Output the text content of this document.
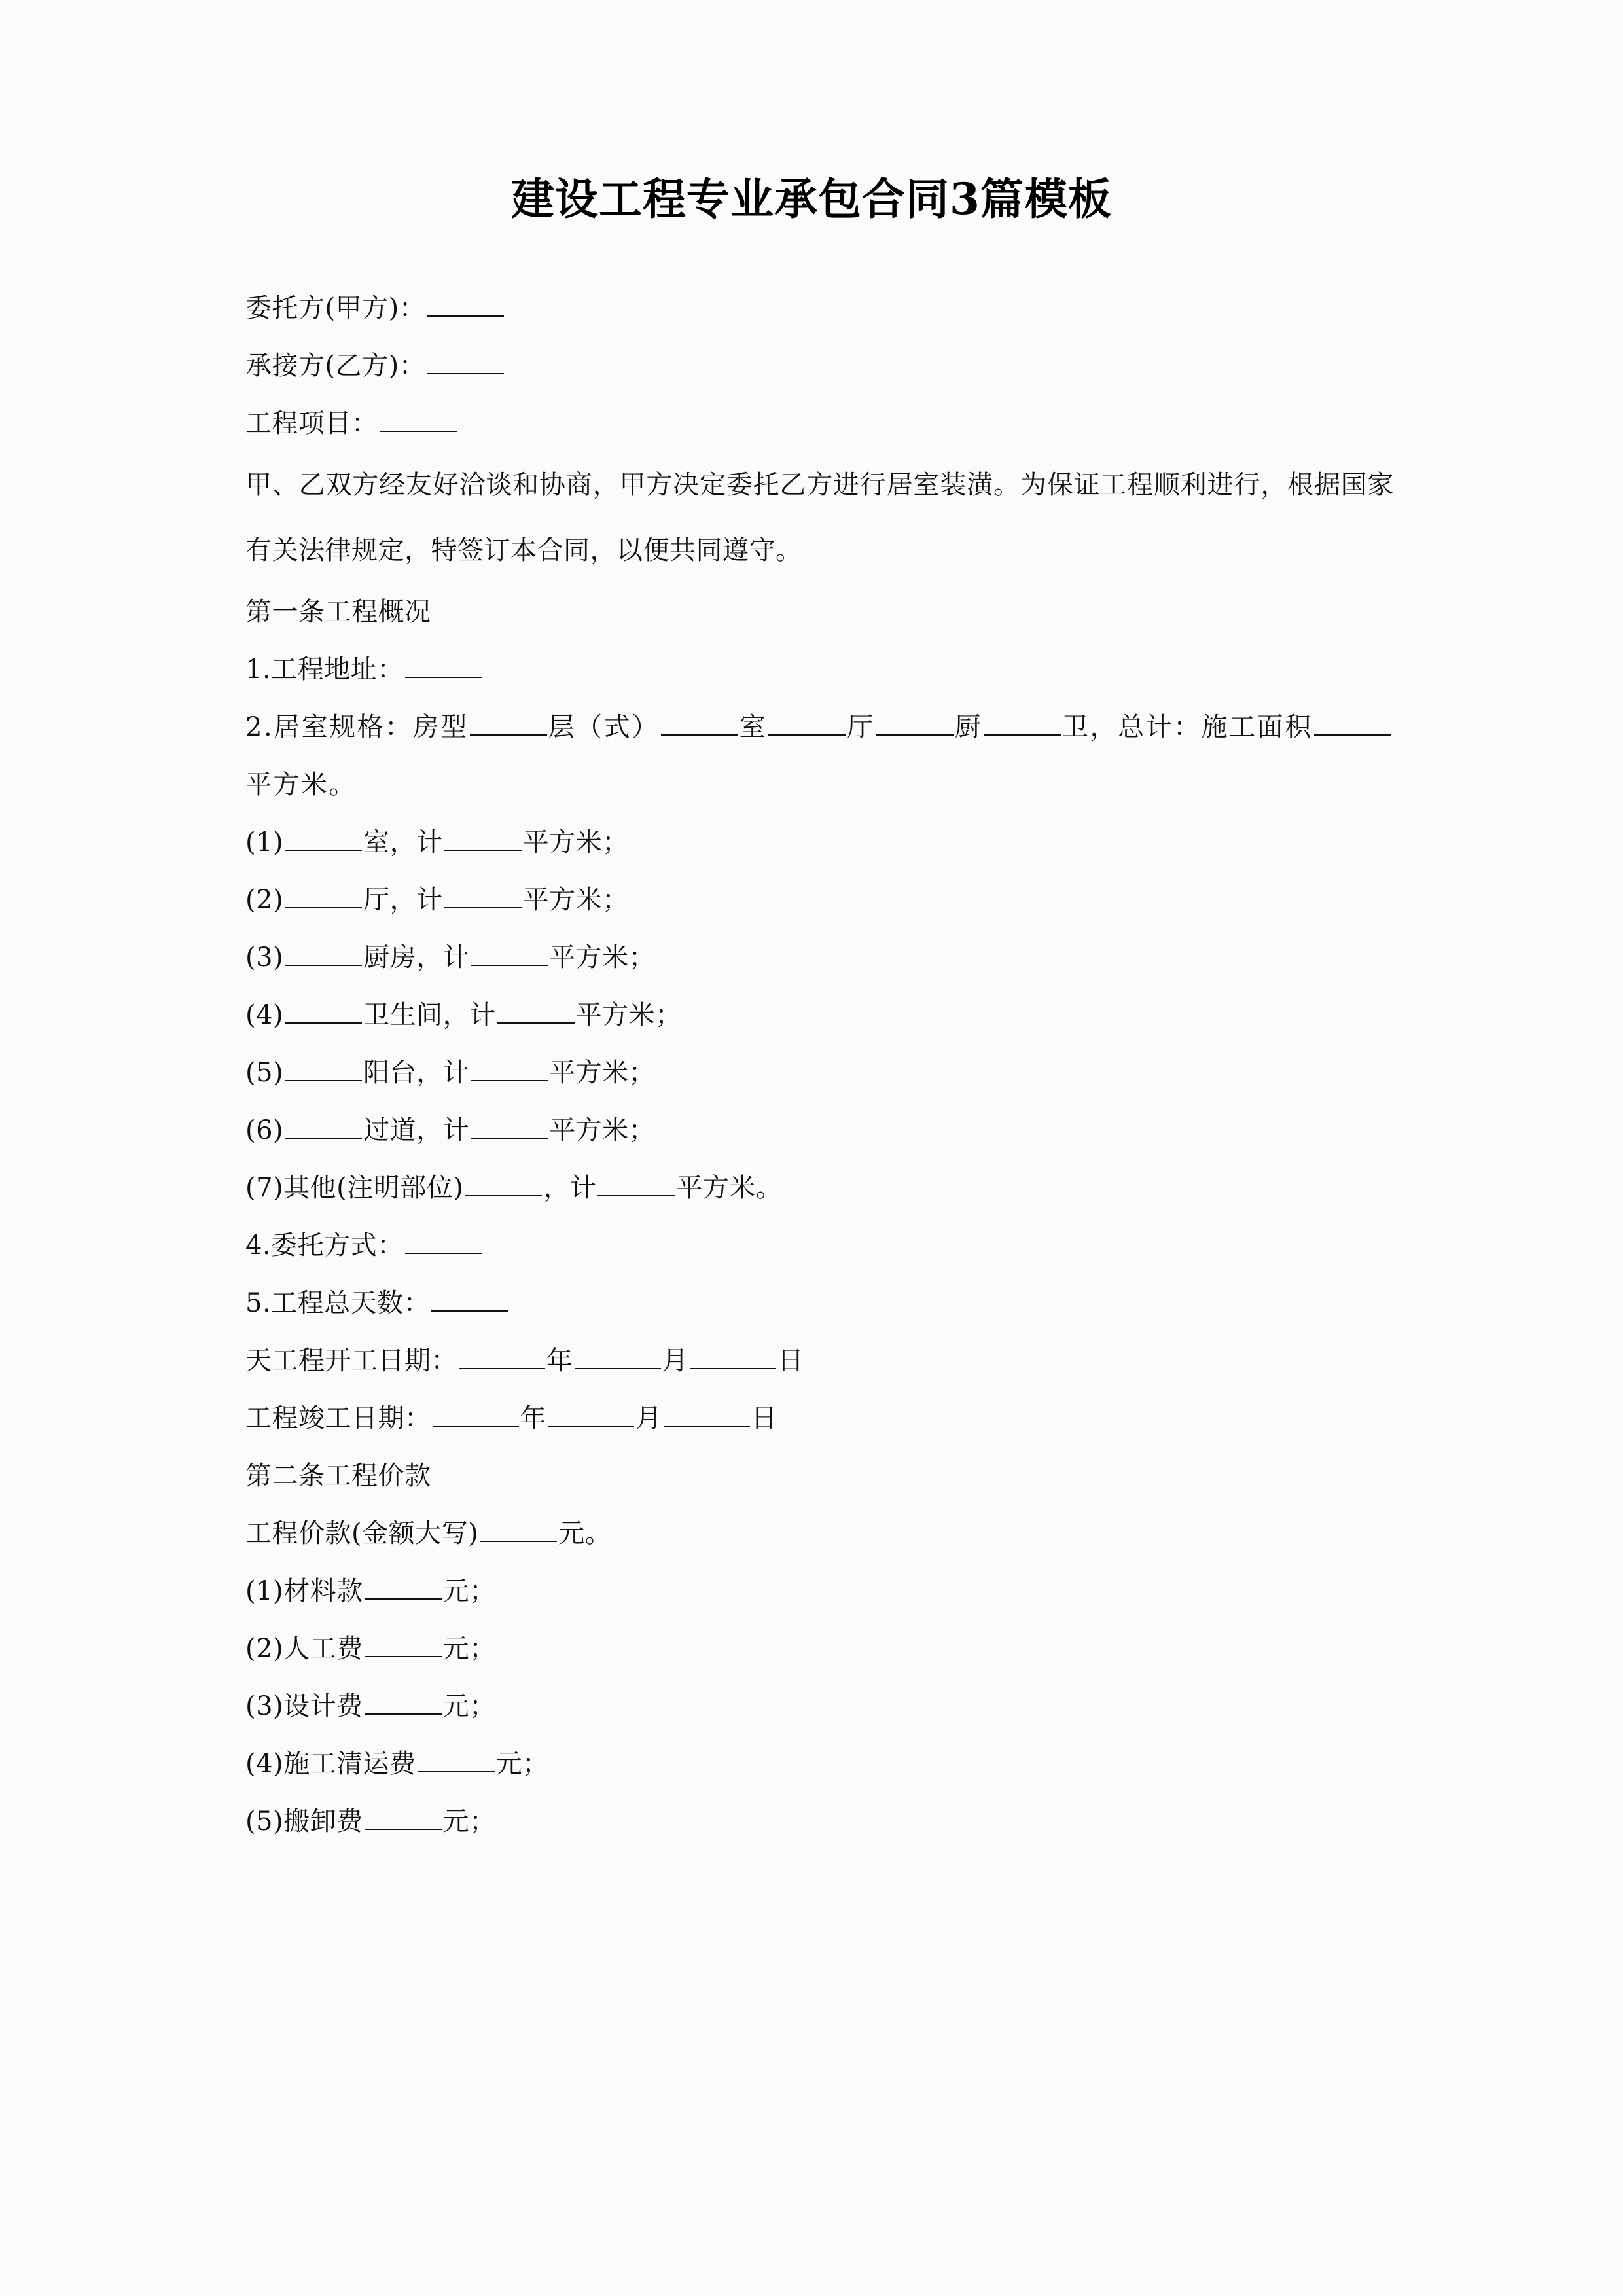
建设工程专业承包合同3篇模板
委托方(甲方)：
承接方(乙方)：
工程项目：
甲、乙双方经友好洽谈和协商，甲方决定委托乙方进行居室装潢。为保证工程顺利进行，根据国家有关法律规定，特签订本合同，以便共同遵守。
第一条工程概况
1.工程地址：
2.居室规格：房型	层（式）	室	厅	厨	卫，总计：施工面积平方米。
(1)	室，计	平方米；
(2)	厅，计	平方米；
(3)	厨房，计	平方米；
(4)	卫生间，计	平方米；
(5)	阳台，计	平方米；
(6)	过道，计	平方米；
(7)其他(注明部位)	，计	平方米。
4.委托方式：
5.工程总天数：
天工程开工日期：	年	月	日
工程竣工日期：	年	月	日
第二条工程价款
工程价款(金额大写)	元。
(1)材料款	元；
(2)人工费	元；
(3)设计费	元；
(4)施工清运费	元；
(5)搬卸费	元；
